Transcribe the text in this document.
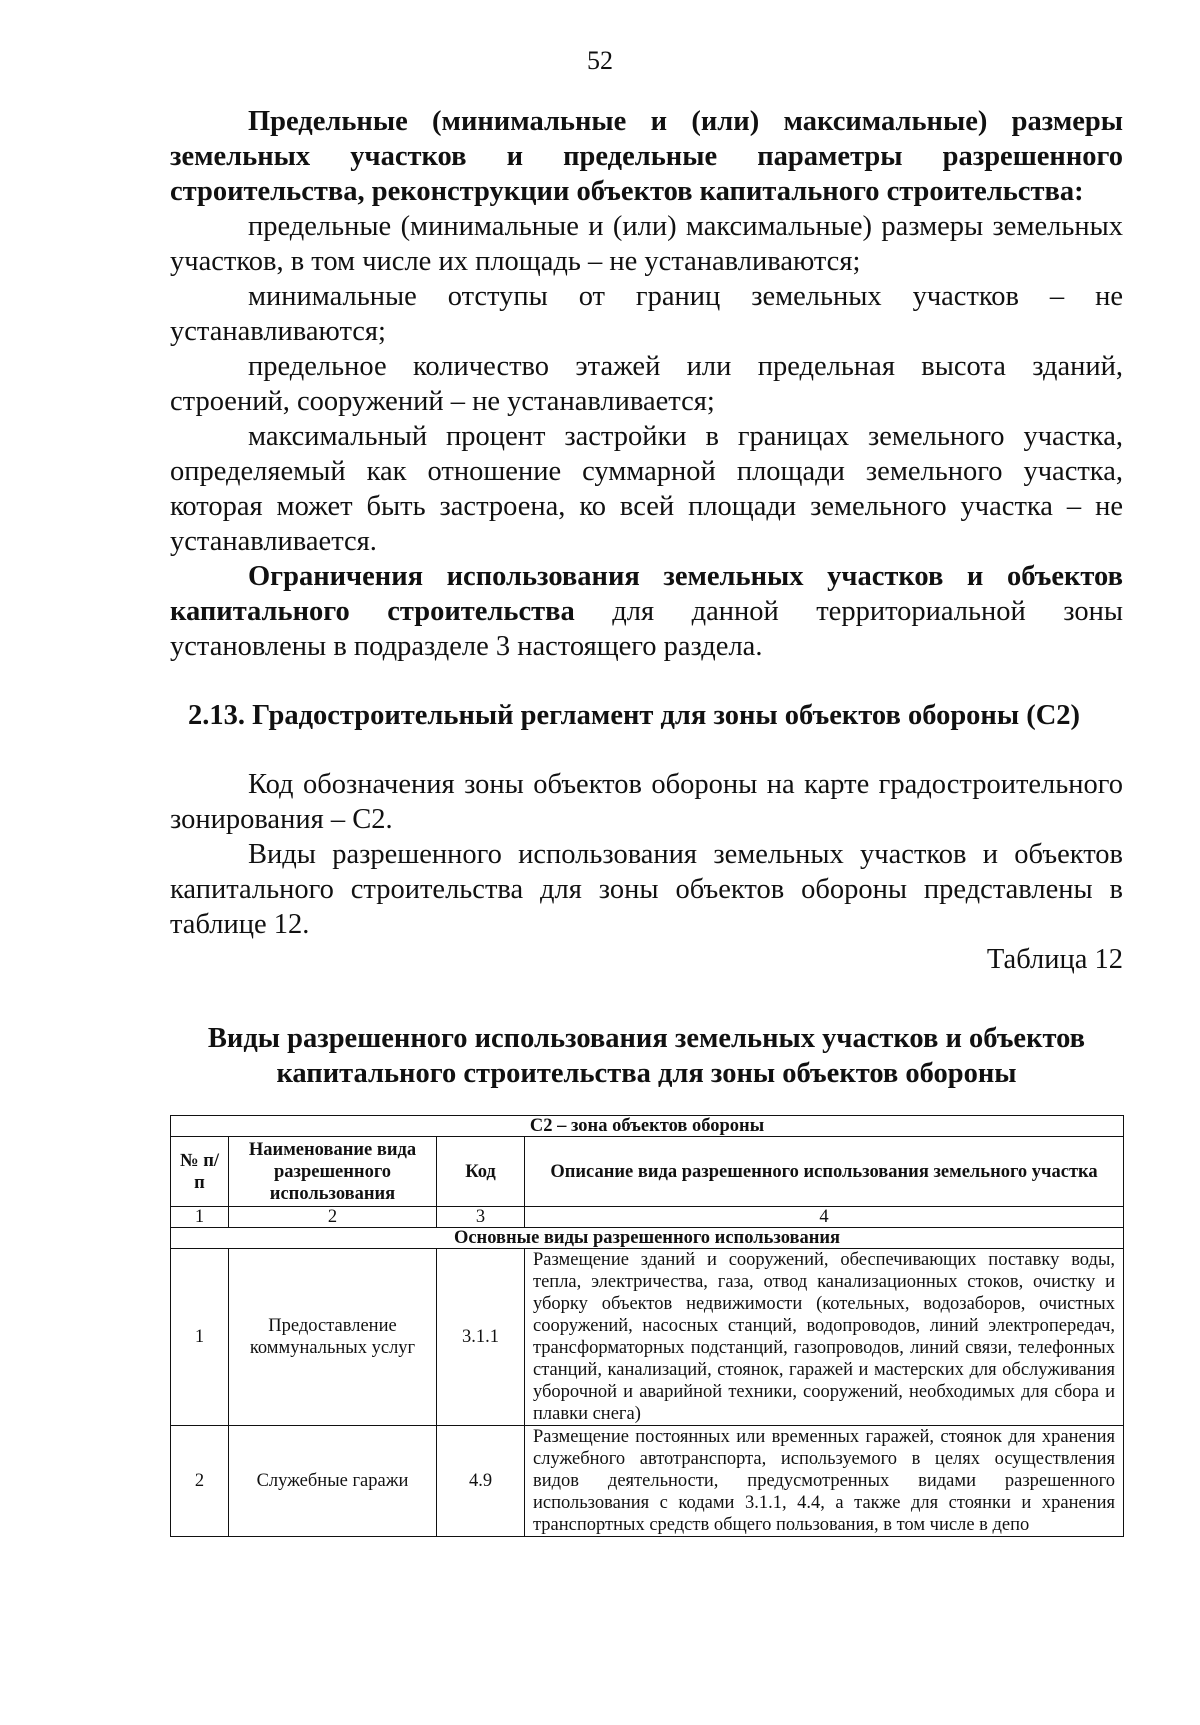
52

Предельные (минимальные и (или) максимальные) размеры земельных участков и предельные параметры разрешенного строительства, реконструкции объектов капитального строительства:

предельные (минимальные и (или) максимальные) размеры земельных участков, в том числе их площадь – не устанавливаются;

минимальные отступы от границ земельных участков – не устанавливаются;

предельное количество этажей или предельная высота зданий, строений, сооружений – не устанавливается;

максимальный процент застройки в границах земельного участка, определяемый как отношение суммарной площади земельного участка, которая может быть застроена, ко всей площади земельного участка – не устанавливается.

Ограничения использования земельных участков и объектов капитального строительства для данной территориальной зоны установлены в подразделе 3 настоящего раздела.

2.13. Градостроительный регламент для зоны объектов обороны (С2)

Код обозначения зоны объектов обороны на карте градостроительного зонирования – С2.

Виды разрешенного использования земельных участков и объектов капитального строительства для зоны объектов обороны представлены в таблице 12.

Таблица 12

Виды разрешенного использования земельных участков и объектов капитального строительства для зоны объектов обороны

С2 – зона объектов обороны			
№ п/п	Наименование вида разрешенного использования	Код	Описание вида разрешенного использования земельного участка
1	2	3	4
Основные виды разрешенного использования			
1	Предоставление коммунальных услуг	3.1.1	Размещение зданий и сооружений, обеспечивающих поставку воды, тепла, электричества, газа, отвод канализационных стоков, очистку и уборку объектов недвижимости (котельных, водозаборов, очистных сооружений, насосных станций, водопроводов, линий электропередач, трансформаторных подстанций, газопроводов, линий связи, телефонных станций, канализаций, стоянок, гаражей и мастерских для обслуживания уборочной и аварийной техники, сооружений, необходимых для сбора и плавки снега)
2	Служебные гаражи	4.9	Размещение постоянных или временных гаражей, стоянок для хранения служебного автотранспорта, используемого в целях осуществления видов деятельности, предусмотренных видами разрешенного использования с кодами 3.1.1, 4.4, а также для стоянки и хранения транспортных средств общего пользования, в том числе в депо
